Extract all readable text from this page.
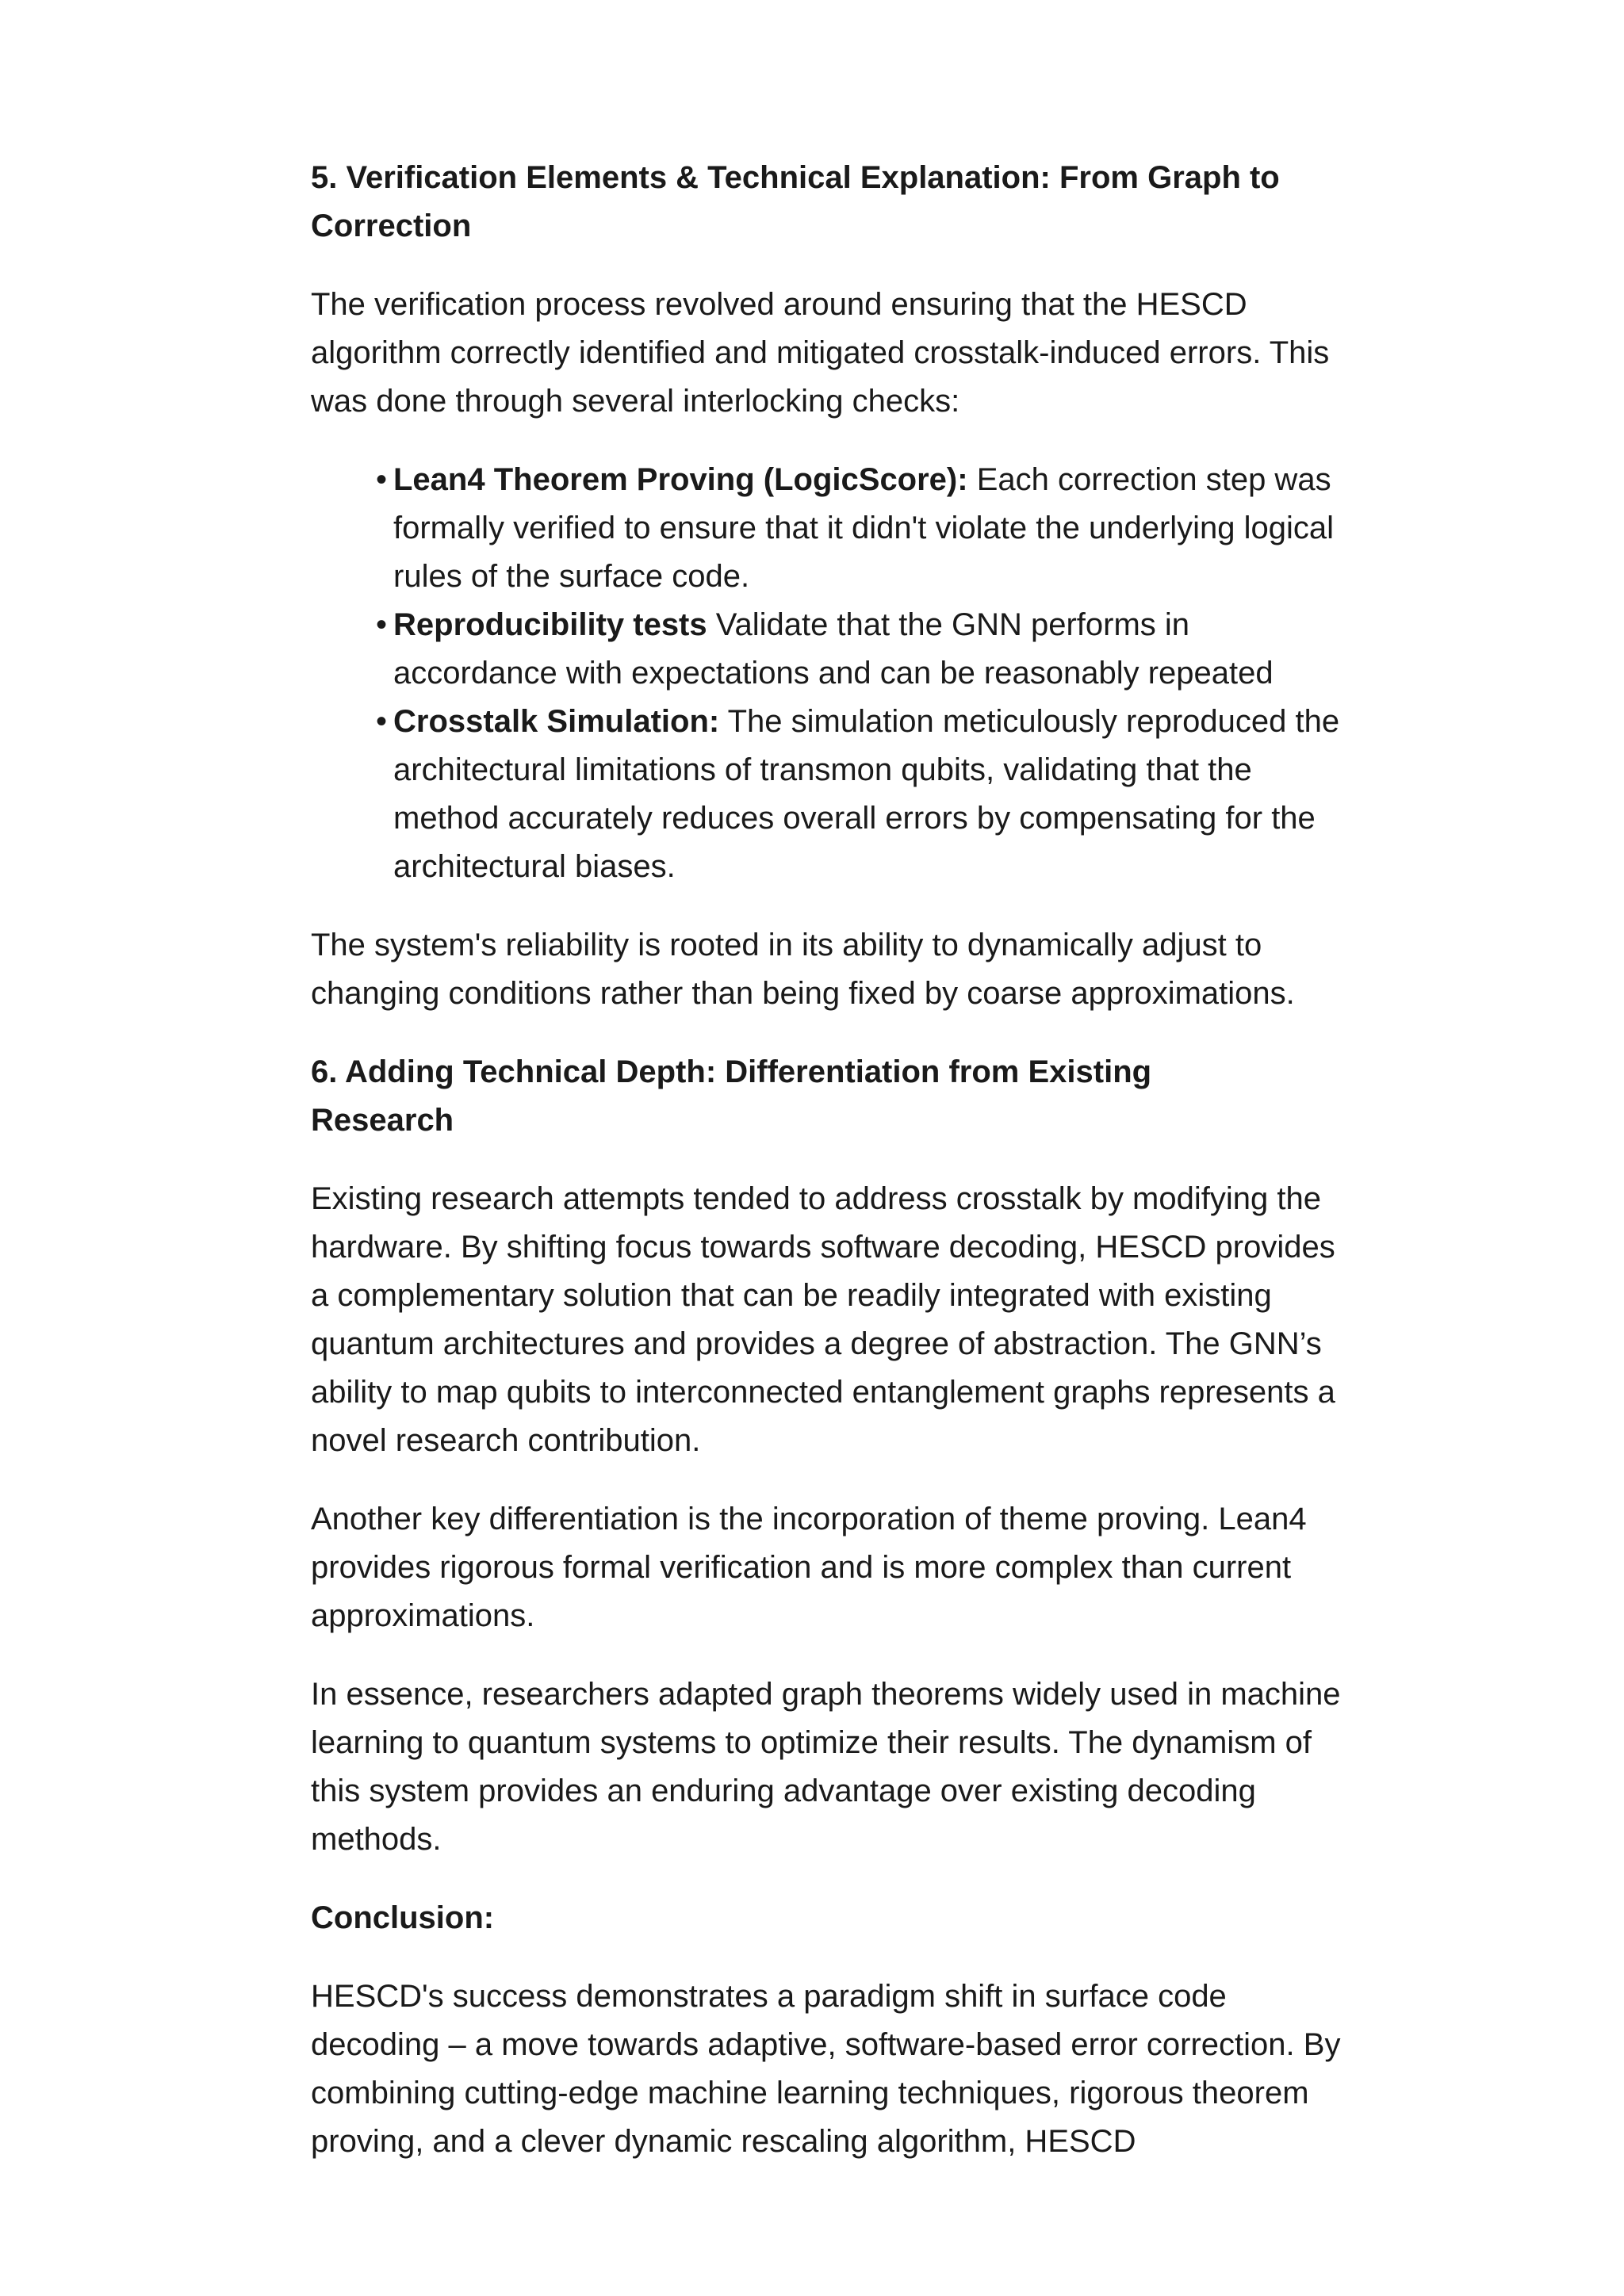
5. Verification Elements & Technical Explanation: From Graph to Correction

The verification process revolved around ensuring that the HESCD algorithm correctly identified and mitigated crosstalk-induced errors. This was done through several interlocking checks:

• Lean4 Theorem Proving (LogicScore): Each correction step was formally verified to ensure that it didn't violate the underlying logical rules of the surface code.
• Reproducibility tests Validate that the GNN performs in accordance with expectations and can be reasonably repeated
• Crosstalk Simulation: The simulation meticulously reproduced the architectural limitations of transmon qubits, validating that the method accurately reduces overall errors by compensating for the architectural biases.

The system's reliability is rooted in its ability to dynamically adjust to changing conditions rather than being fixed by coarse approximations.

6. Adding Technical Depth: Differentiation from Existing Research

Existing research attempts tended to address crosstalk by modifying the hardware. By shifting focus towards software decoding, HESCD provides a complementary solution that can be readily integrated with existing quantum architectures and provides a degree of abstraction. The GNN’s ability to map qubits to interconnected entanglement graphs represents a novel research contribution.

Another key differentiation is the incorporation of theme proving. Lean4 provides rigorous formal verification and is more complex than current approximations.

In essence, researchers adapted graph theorems widely used in machine learning to quantum systems to optimize their results. The dynamism of this system provides an enduring advantage over existing decoding methods.

Conclusion:

HESCD's success demonstrates a paradigm shift in surface code decoding – a move towards adaptive, software-based error correction. By combining cutting-edge machine learning techniques, rigorous theorem proving, and a clever dynamic rescaling algorithm, HESCD
